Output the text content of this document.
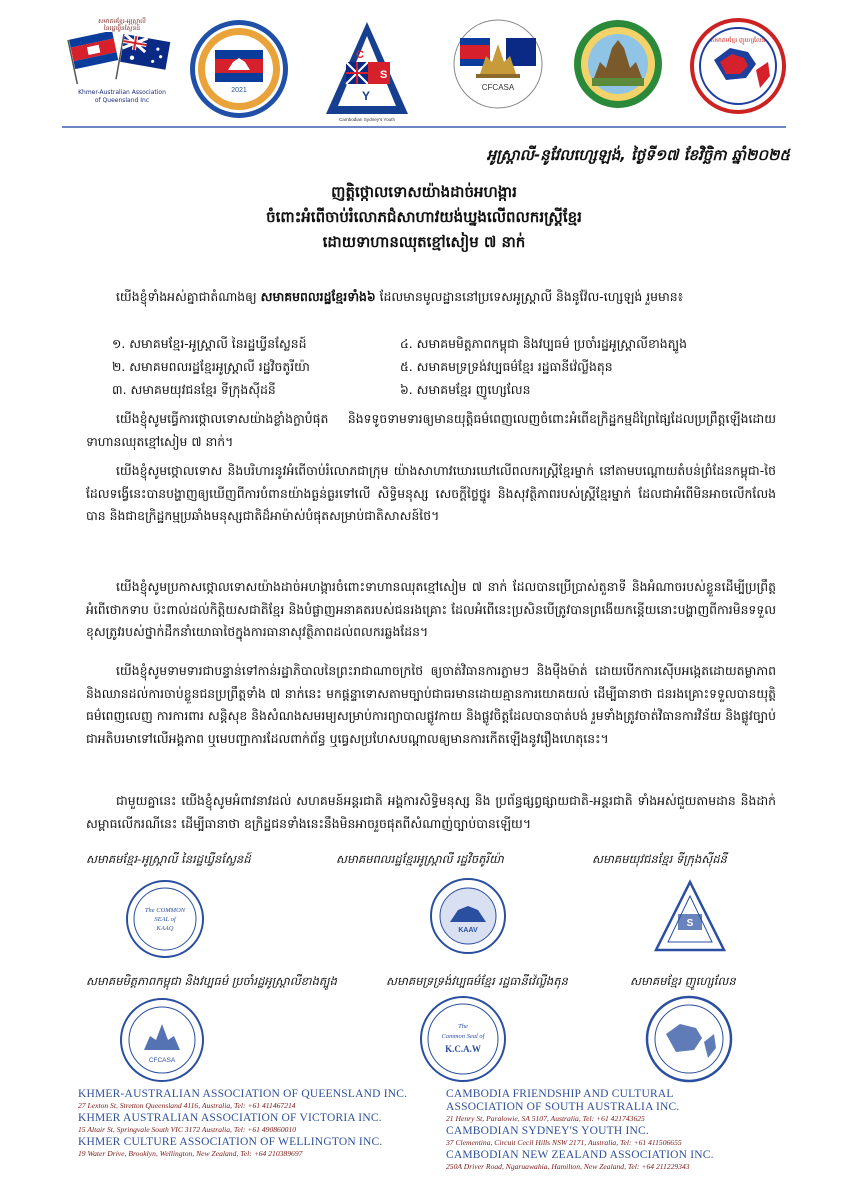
សមាគមខ្មែរ-អូស្ត្រាលី
នៃរដ្ឋឃ្វីនស្លែនដ៍
Khmer-Australian Association
of Queensland Inc
2021
C
S
Y
Cambodian Sydney's Youth
CFCASA
សមាគមខ្មែរ ញូហ្សេលែន
អូស្ត្រាលី-នូវែលហ្សេឡង់, ថ្ងៃទី១៧ ខែវិច្ឆិកា ឆ្នាំ២០២៥
ញត្តិថ្កោលទោសយ៉ាងដាច់អហង្ការ
ចំពោះអំពើចាប់រំលោភជំសាហាវយង់ឃ្នងលើពលករស្ត្រីខ្មែរ
ដោយទាហានឈុតខ្មៅសៀម ៧ នាក់
យើងខ្ញុំទាំងអស់គ្នាជាតំណាងឲ្យ សមាគមពលរដ្ឋខ្មែរទាំង៦ ដែលមានមូលដ្ឋាននៅប្រទេសអូស្ត្រាលី និងនូវ៉ែល-ហ្សេឡង់ រួមមាន៖
១. សមាគមខ្មែរ-អូស្ត្រាលី នៃរដ្ឋឃ្វីនស្លែនដ៍	៤. សមាគមមិត្តភាពកម្ពុជា និងវប្បធម៌ ប្រចាំរដ្ឋអូស្ត្រាលីខាងត្បូង
២. សមាគមពលរដ្ឋខ្មែរអូស្ត្រាលី រដ្ឋវិចតូរីយ៉ា	៥. សមាគមទ្រទ្រង់វប្បធម៌ខ្មែរ រដ្ឋធានីវ៉េល្លីងតុន
៣. សមាគមយុវជនខ្មែរ ទីក្រុងស៊ីដនី	៦. សមាគមខ្មែរ ញូហ្សេលែន
យើងខ្ញុំសូមធ្វើការថ្កោលទោសយ៉ាងខ្លាំងក្លាបំផុត និងទទូចទាមទារឲ្យមានយុត្តិធម៌ពេញលេញចំពោះអំពើឧក្រិដ្ឋកម្មដ៏ព្រៃផ្សៃដែលប្រព្រឹត្តឡើងដោយទាហានឈុតខ្មៅសៀម ៧ នាក់។
យើងខ្ញុំសូមថ្កោលទោស និងបរិហារនូវអំពើចាប់រំលោភជាក្រុម យ៉ាងសាហាវឃោរឃៅលើពលករស្ត្រីខ្មែរម្នាក់ នៅតាមបណ្តោយតំបន់ព្រំដែនកម្ពុជា-ថៃ ដែលទង្វើនេះបានបង្ហាញឲ្យឃើញពីការបំពានយ៉ាងធ្ងន់ធ្ងរទៅលើ សិទ្ធិមនុស្ស សេចក្តីថ្លៃថ្នូរ និងសុវត្ថិភាពរបស់ស្ត្រីខ្មែរម្នាក់ ដែលជាអំពើមិនអាចលើកលែងបាន និងជាឧក្រិដ្ឋកម្មប្រឆាំងមនុស្សជាតិដ៏អាម៉ាស់បំផុតសម្រាប់ជាតិសាសន៍ថៃ។
យើងខ្ញុំសូមប្រកាសថ្កោលទោសយ៉ាងដាច់អហង្ការចំពោះទាហានឈុតខ្មៅសៀម ៧ នាក់ ដែលបានប្រើប្រាស់តួនាទី និងអំណាចរបស់ខ្លួនដើម្បីប្រព្រឹត្តអំពើថោកទាប ប៉ះពាល់ដល់កិត្តិយសជាតិខ្មែរ និងបំផ្លាញអនាគតរបស់ជនរងគ្រោះ ដែលអំពើនេះប្រសិនបើត្រូវបានព្រងើយកន្តើយនោះបង្ហាញពីការមិនទទួលខុសត្រូវរបស់ថ្នាក់ដឹកនាំយោធាថៃក្នុងការធានាសុវត្ថិភាពដល់ពលករឆ្លងដែន។
យើងខ្ញុំសូមទាមទារជាបន្ទាន់ទៅកាន់រដ្ឋាភិបាលនៃព្រះរាជាណាចក្រថៃ ឲ្យចាត់វិធានការភ្លាមៗ និងម៉ឺងម៉ាត់ ដោយបើកការស៊ើបអង្កេតដោយតម្លាភាព និងឈានដល់ការចាប់ខ្លួនជនប្រព្រឹត្តទាំង ៧ នាក់នេះ មកផ្តន្ទាទោសតាមច្បាប់ជាធរមានដោយគ្មានការយោគយល់ ដើម្បីធានាថា ជនរងគ្រោះទទួលបានយុត្តិធម៌ពេញលេញ ការការពារ សន្តិសុខ និងសំណងសមរម្យសម្រាប់ការព្យាបាលផ្លូវកាយ និងផ្លូវចិត្តដែលបានបាត់បង់ រួមទាំងត្រូវចាត់វិធានការវិន័យ និងផ្លូវច្បាប់ជាអតិបរមាទៅលើអង្គភាព ឬមេបញ្ជាការដែលពាក់ព័ន្ធ ឬធ្វេសប្រហែសបណ្តាលឲ្យមានការកើតឡើងនូវរឿងហេតុនេះ។
ជាមួយគ្នានេះ យើងខ្ញុំសូមអំពាវនាវដល់ សហគមន៍អន្តរជាតិ អង្គការសិទ្ធិមនុស្ស និង ប្រព័ន្ធផ្សព្វផ្សាយជាតិ-អន្តរជាតិ ទាំងអស់ជួយតាមដាន និងដាក់សម្ពាធលើករណីនេះ ដើម្បីធានាថា ឧក្រិដ្ឋជនទាំងនេះនឹងមិនអាចរួចផុតពីសំណាញ់ច្បាប់បានឡើយ។
សមាគមខ្មែរ-អូស្ត្រាលី នៃរដ្ឋឃ្វីនស្លែនដ៍	សមាគមពលរដ្ឋខ្មែរអូស្ត្រាលី រដ្ឋវិចតូរីយ៉ា	សមាគមយុវជនខ្មែរ ទីក្រុងស៊ីដនី
The COMMON
SEAL of
KAAQ	KAAV
S
សមាគមមិត្តភាពកម្ពុជា និងវប្បធម៌ ប្រចាំរដ្ឋអូស្ត្រាលីខាងត្បូង	សមាគមទ្រទ្រង់វប្បធម៌ខ្មែរ រដ្ឋធានីវ៉េល្លីងតុន	សមាគមខ្មែរ ញូហ្សេលែន
CFCASA
The
Common Seal of
K.C.A.W
KHMER-AUSTRALIAN ASSOCIATION OF QUEENSLAND INC.
27 Lexton St, Stretton Queensland 4116, Australia, Tel: +61 411467214
KHMER AUSTRALIAN ASSOCIATION OF VICTORIA INC.
15 Altair St, Springvale South VIC 3172 Australia, Tel: +61 490860010
KHMER CULTURE ASSOCIATION OF WELLINGTON INC.
19 Water Drive, Brooklyn, Wellington, New Zealand, Tel: +64 210389697
CAMBODIA FRIENDSHIP AND CULTURAL
ASSOCIATION OF SOUTH AUSTRALIA INC.
21 Henry St, Paralowie, SA 5107, Australia, Tel: +61 421743625
CAMBODIAN SYDNEY'S YOUTH INC.
37 Clementina, Circuit Cecil Hills NSW 2171, Australia, Tel: +61 411506655
CAMBODIAN NEW ZEALAND ASSOCIATION INC.
250A Driver Road, Ngaruawahia, Hamilton, New Zealand, Tel: +64 211229343
